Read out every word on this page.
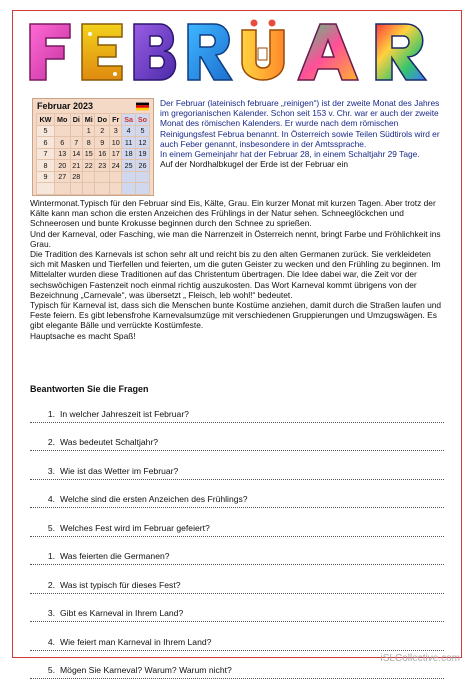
Februar 2023
KW	Mo	Di	Mi	Do	Fr	Sa	So
5			1	2	3	4	5
6	6	7	8	9	10	11	12
7	13	14	15	16	17	18	19
8	20	21	22	23	24	25	26
9	27	28					

Der Februar (lateinisch februare „reinigen“) ist der zweite Monat des Jahres im gregorianischen Kalender. Schon seit 153 v. Chr. war er auch der zweite Monat des römischen Kalenders. Er wurde nach dem römischen Reinigungsfest Februa benannt. In Österreich sowie Teilen Südtirols wird er auch Feber genannt, insbesondere in der Amtssprache.
In einem Gemeinjahr hat der Februar 28, in einem Schaltjahr 29 Tage.
Auf der Nordhalbkugel der Erde ist der Februar ein
Wintermonat.Typisch für den Februar sind Eis, Kälte, Grau. Ein kurzer Monat mit kurzen Tagen. Aber trotz der Kälte kann man schon die ersten Anzeichen des Frühlings in der Natur sehen. Schneeglöckchen und Schneerosen und bunte Krokusse beginnen durch den Schnee zu sprießen.
Und der Karneval, oder Fasching, wie man die Narrenzeit in Österreich nennt, bringt Farbe und Fröhlichkeit ins Grau.
Die Tradition des Karnevals ist schon sehr alt und reicht bis zu den alten Germanen zurück. Sie verkleideten sich mit Masken und Tierfellen und feierten, um die guten Geister zu wecken und den Frühling zu beginnen. Im Mittelalter wurden diese Traditionen auf das Christentum übertragen. Die Idee dabei war, die Zeit vor der sechswöchigen Fastenzeit noch einmal richtig auszukosten. Das Wort Karneval kommt übrigens von der Bezeichnung „Carnevale“, was übersetzt „ Fleisch, leb wohl!“ bedeutet.
Typisch für Karneval ist, dass sich die Menschen bunte Kostüme anziehen, damit durch die Straßen laufen und Feste feiern. Es gibt lebensfrohe Karnevalsumzüge mit verschiedenen Gruppierungen und Umzugswägen. Es gibt elegante Bälle und verrückte Kostümfeste.
Hauptsache es macht Spaß!
Beantworten Sie die Fragen
1. In welcher Jahreszeit ist Februar?
2. Was bedeutet Schaltjahr?
3. Wie ist das Wetter im Februar?
4. Welche sind die ersten Anzeichen des Frühlings?
5. Welches Fest wird im Februar gefeiert?
1. Was feierten die Germanen?
2. Was ist typisch für dieses Fest?
3. Gibt es Karneval in Ihrem Land?
4. Wie feiert man Karneval in Ihrem Land?
5. Mögen Sie Karneval? Warum? Warum nicht?
iSLCollective.com
